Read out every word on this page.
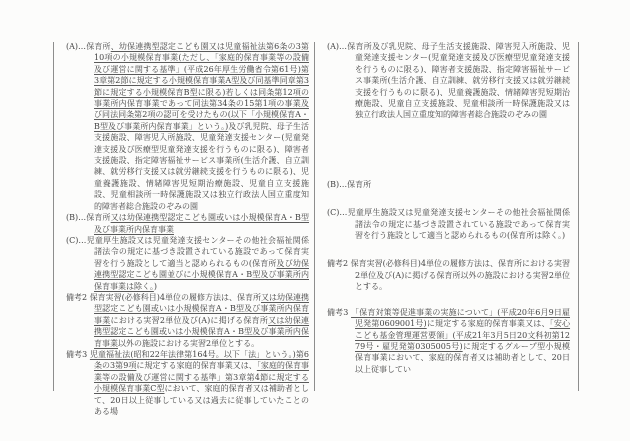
(A)…保育所、幼保連携型認定こども園又は児童福祉法第6条の3第10項の小規模保育事業(ただし、「家庭的保育事業等の設備及び運営に関する基準」(平成26年厚生労働省令第61号)第3章第2節に規定する小規模保育事業A型及び同基準同章第3節に規定する小規模保育B型に限る)若しくは同条第12項の事業所内保育事業であって同法第34条の15第1項の事業及び同法同条第2項の認可を受けたもの(以下「小規模保育A・B型及び事業所内保育事業」という。)及び乳児院、母子生活支援施設、障害児入所施設、児童発達支援センター(児童発達支援及び医療型児童発達支援を行うものに限る)、障害者支援施設、指定障害福祉サービス事業所(生活介護、自立訓練、就労移行支援又は就労継続支援を行うものに限る)、児童養護施設、情緒障害児短期治療施設、児童自立支援施設、児童相談所一時保護施設又は独立行政法人国立重度知的障害者総合施設のぞみの園

(B)…保育所又は幼保連携型認定こども園或いは小規模保育A・B型及び事業所内保育事業

(C)…児童厚生施設又は児童発達支援センターその他社会福祉関係諸法令の規定に基づき設置されている施設であって保育実習を行う施設として適当と認められるもの(保育所及び幼保連携型認定こども園並びに小規模保育A・B型及び事業所内保育事業は除く。)

備考2 保育実習(必修科目)4単位の履修方法は、保育所又は幼保連携型認定こども園或いは小規模保育A・B型及び事業所内保育事業における実習2単位及び(A)に掲げる保育所又は幼保連携型認定こども園或いは小規模保育A・B型及び事業所内保育事業以外の施設における実習2単位とする。

備考3 児童福祉法(昭和22年法律第164号。以下「法」という。)第6条の3第9項に規定する家庭的保育事業又は、「家庭的保育事業等の設備及び運営に関する基準」第3章第4節に規定する小規模保育事業C型において、家庭的保育者又は補助者として、20日以上従事している又は過去に従事していたことのある場

(A)…保育所及び乳児院、母子生活支援施設、障害児入所施設、児童発達支援センター(児童発達支援及び医療型児童発達支援を行うものに限る)、障害者支援施設、指定障害福祉サービス事業所(生活介護、自立訓練、就労移行支援又は就労継続支援を行うものに限る)、児童養護施設、情緒障害児短期治療施設、児童自立支援施設、児童相談所一時保護施設又は独立行政法人国立重度知的障害者総合施設のぞみの園

(B)…保育所

(C)…児童厚生施設又は児童発達支援センターその他社会福祉関係諸法令の規定に基づき設置されている施設であって保育実習を行う施設として適当と認められるもの(保育所は除く。)

備考2 保育実習(必修科目)4単位の履修方法は、保育所における実習2単位及び(A)に掲げる保育所以外の施設における実習2単位とする。

備考3 「保育対策等促進事業の実施について」(平成20年6月9日雇児発第0609001号)に規定する家庭的保育事業又は、「安心こども基金管理運営要領」(平成21年3月5日20文科初第1279号・雇児発第0305005号)に規定するグループ型小規模保育事業において、家庭的保育者又は補助者として、20日以上従事してい
